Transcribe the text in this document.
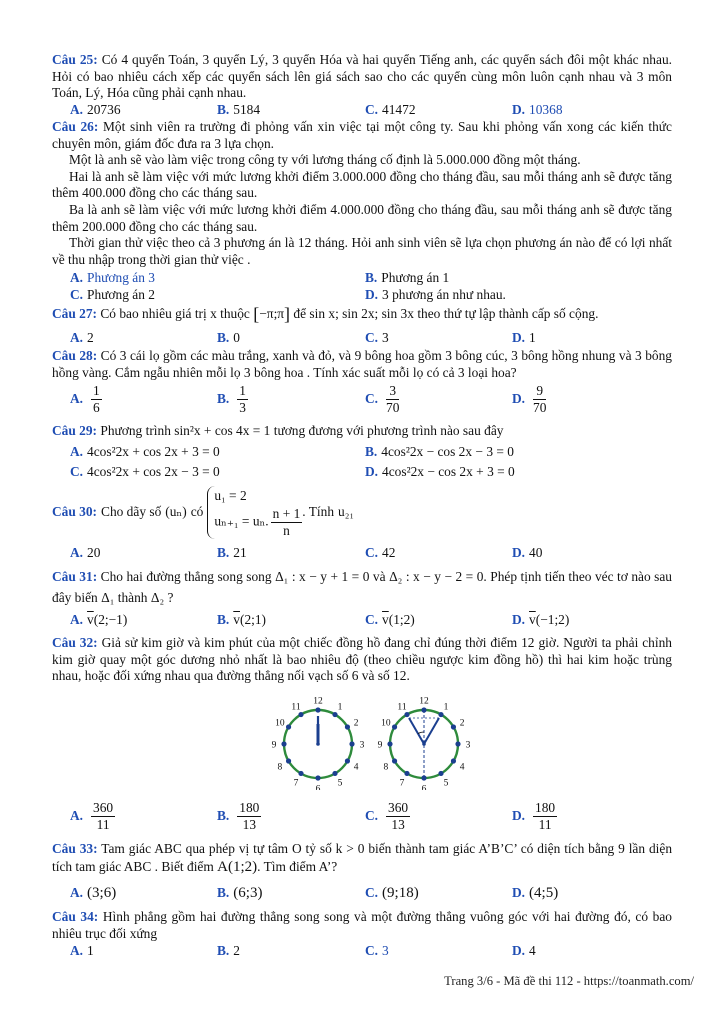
Câu 25: Có 4 quyển Toán, 3 quyển Lý, 3 quyển Hóa và hai quyển Tiếng anh, các quyển sách đôi một khác nhau. Hỏi có bao nhiêu cách xếp các quyển sách lên giá sách sao cho các quyển cùng môn luôn cạnh nhau và 3 môn Toán, Lý, Hóa cũng phải cạnh nhau.
A. 20736	B. 5184	C. 41472	D. 10368
Câu 26: Một sinh viên ra trường đi phỏng vấn xin việc tại một công ty. Sau khi phỏng vấn xong các kiến thức chuyên môn, giám đốc đưa ra 3 lựa chọn.
Một là anh sẽ vào làm việc trong công ty với lương tháng cố định là 5.000.000 đồng một tháng.
Hai là anh sẽ làm việc với mức lương khởi điểm 3.000.000 đồng cho tháng đầu, sau mỗi tháng anh sẽ được tăng thêm 400.000 đồng cho các tháng sau.
Ba là anh sẽ làm việc với mức lương khởi điểm 4.000.000 đồng cho tháng đầu, sau mỗi tháng anh sẽ được tăng thêm 200.000 đồng cho các tháng sau.
Thời gian thử việc theo cả 3 phương án là 12 tháng. Hỏi anh sinh viên sẽ lựa chọn phương án nào để có lợi nhất về thu nhập trong thời gian thử việc .
A. Phương án 3	B. Phương án 1
C. Phương án 2	D. 3 phương án như nhau.
Câu 27: Có bao nhiêu giá trị x thuộc [−π;π] để sin x; sin 2x; sin 3x theo thứ tự lập thành cấp số cộng.
A. 2	B. 0	C. 3	D. 1
Câu 28: Có 3 cái lọ gồm các màu trắng, xanh và đỏ, và 9 bông hoa gồm 3 bông cúc, 3 bông hồng nhung và 3 bông hồng vàng. Cắm ngẫu nhiên mỗi lọ 3 bông hoa . Tính xác suất mỗi lọ có cả 3 loại hoa?
A. $\frac{1}{6}$	B. $\frac{1}{3}$	C. $\frac{3}{70}$	D. $\frac{9}{70}$
Câu 29: Phương trình sin²x + cos 4x = 1 tương đương với phương trình nào sau đây
A. 4cos²2x + cos 2x + 3 = 0	B. 4cos²2x − cos 2x − 3 = 0
C. 4cos²2x + cos 2x − 3 = 0	D. 4cos²2x − cos 2x + 3 = 0
Câu 30: Cho dãy số (uₙ) có
u₁ = 2
uₙ₊₁ = uₙ. $\frac{n + 1}{n}$ . Tính u₂₁
A. 20	B. 21	C. 42	D. 40
Câu 31: Cho hai đường thẳng song song Δ₁ : x − y + 1 = 0 và Δ₂ : x − y − 2 = 0. Phép tịnh tiến theo véc tơ nào sau đây biến Δ₁ thành Δ₂ ?
A. $\overline{v}(2;-1)$	B. $\overline{v}(2;1)$	C. $\overline{v}(1;2)$	D. $\overline{v}(-1;2)$
Câu 32: Giả sử kim giờ và kim phút của một chiếc đồng hồ đang chỉ đúng thời điểm 12 giờ. Người ta phải chỉnh kim giờ quay một góc dương nhỏ nhất là bao nhiêu độ (theo chiều ngược kim đồng hồ) thì hai kim hoặc trùng nhau, hoặc đối xứng nhau qua đường thẳng nối vạch số 6 và số 12.
12
1
2
3
4
5
6
7
8
9
10
11
12
1
2
3
4
5
6
7
8
9
10
11
A. $\frac{360}{11}$	B. $\frac{180}{13}$	C. $\frac{360}{13}$	D. $\frac{180}{11}$
Câu 33: Tam giác ABC qua phép vị tự tâm O tỷ số k > 0 biến thành tam giác A’B’C’ có diện tích bằng 9 lần diện tích tam giác ABC . Biết điểm A(1;2). Tìm điểm A’?
A. (3;6)	B. (6;3)	C. (9;18)	D. (4;5)
Câu 34: Hình phẳng gồm hai đường thẳng song song và một đường thẳng vuông góc với hai đường đó, có bao nhiêu trục đối xứng
A. 1	B. 2	C. 3	D. 4
Trang 3/6 - Mã đề thi 112 - https://toanmath.com/
